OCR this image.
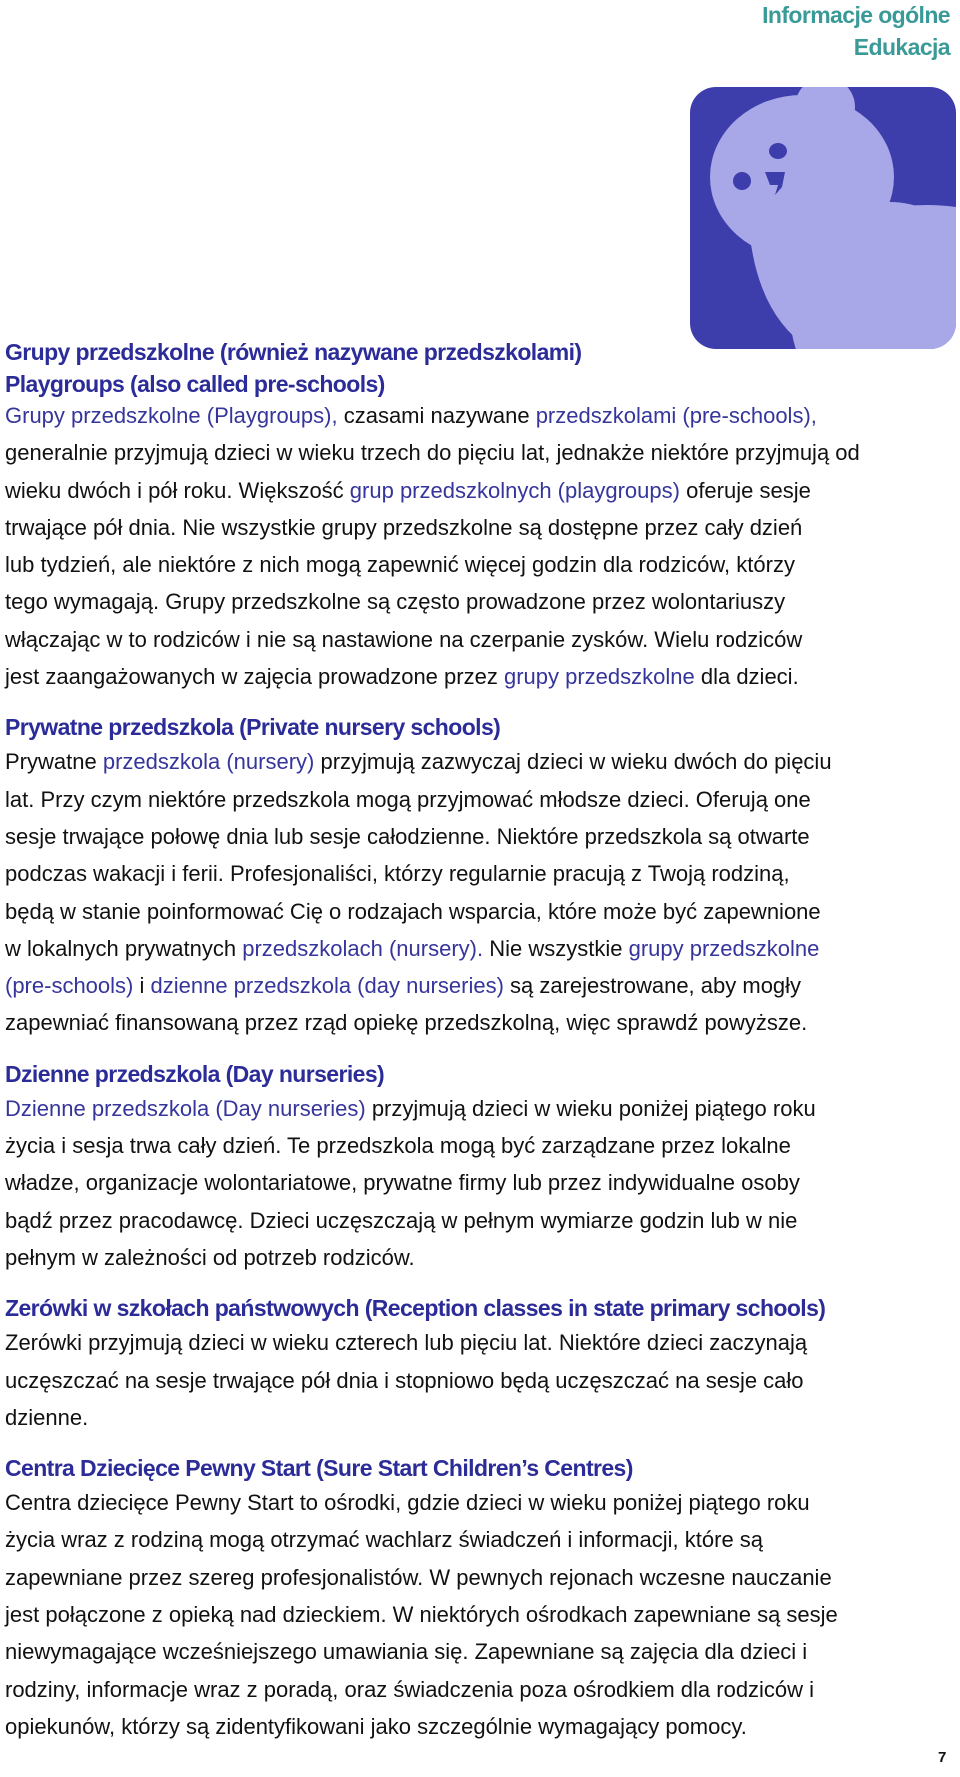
Informacje ogólne
Edukacja
Grupy przedszkolne (również nazywane przedszkolami)
Playgroups (also called pre-schools)

Grupy przedszkolne (Playgroups), czasami nazywane przedszkolami (pre-schools),
generalnie przyjmują dzieci w wieku trzech do pięciu lat, jednakże niektóre przyjmują od
wieku dwóch i pół roku. Większość grup przedszkolnych (playgroups) oferuje sesje
trwające pół dnia. Nie wszystkie grupy przedszkolne są dostępne przez cały dzień
lub tydzień, ale niektóre z nich mogą zapewnić więcej godzin dla rodziców, którzy
tego wymagają. Grupy przedszkolne są często prowadzone przez wolontariuszy
włączając w to rodziców i nie są nastawione na czerpanie zysków. Wielu rodziców
jest zaangażowanych w zajęcia prowadzone przez grupy przedszkolne dla dzieci.

Prywatne przedszkola (Private nursery schools)

Prywatne przedszkola (nursery) przyjmują zazwyczaj dzieci w wieku dwóch do pięciu
lat. Przy czym niektóre przedszkola mogą przyjmować młodsze dzieci. Oferują one
sesje trwające połowę dnia lub sesje całodzienne. Niektóre przedszkola są otwarte
podczas wakacji i ferii. Profesjonaliści, którzy regularnie pracują z Twoją rodziną,
będą w stanie poinformować Cię o rodzajach wsparcia, które może być zapewnione
w lokalnych prywatnych przedszkolach (nursery). Nie wszystkie grupy przedszkolne
(pre-schools) i dzienne przedszkola (day nurseries) są zarejestrowane, aby mogły
zapewniać finansowaną przez rząd opiekę przedszkolną, więc sprawdź powyższe.

Dzienne przedszkola (Day nurseries)

Dzienne przedszkola (Day nurseries) przyjmują dzieci w wieku poniżej piątego roku
życia i sesja trwa cały dzień. Te przedszkola mogą być zarządzane przez lokalne
władze, organizacje wolontariatowe, prywatne firmy lub przez indywidualne osoby
bądź przez pracodawcę. Dzieci uczęszczają w pełnym wymiarze godzin lub w nie
pełnym w zależności od potrzeb rodziców.

Zerówki w szkołach państwowych (Reception classes in state primary schools)

Zerówki przyjmują dzieci w wieku czterech lub pięciu lat. Niektóre dzieci zaczynają
uczęszczać na sesje trwające pół dnia i stopniowo będą uczęszczać na sesje cało
dzienne.

Centra Dziecięce Pewny Start (Sure Start Children’s Centres)

Centra dziecięce Pewny Start to ośrodki, gdzie dzieci w wieku poniżej piątego roku
życia wraz z rodziną mogą otrzymać wachlarz świadczeń i informacji, które są
zapewniane przez szereg profesjonalistów. W pewnych rejonach wczesne nauczanie
jest połączone z opieką nad dzieckiem. W niektórych ośrodkach zapewniane są sesje
niewymagające wcześniejszego umawiania się. Zapewniane są zajęcia dla dzieci i
rodziny, informacje wraz z poradą, oraz świadczenia poza ośrodkiem dla rodziców i
opiekunów, którzy są zidentyfikowani jako szczególnie wymagający pomocy.

7
